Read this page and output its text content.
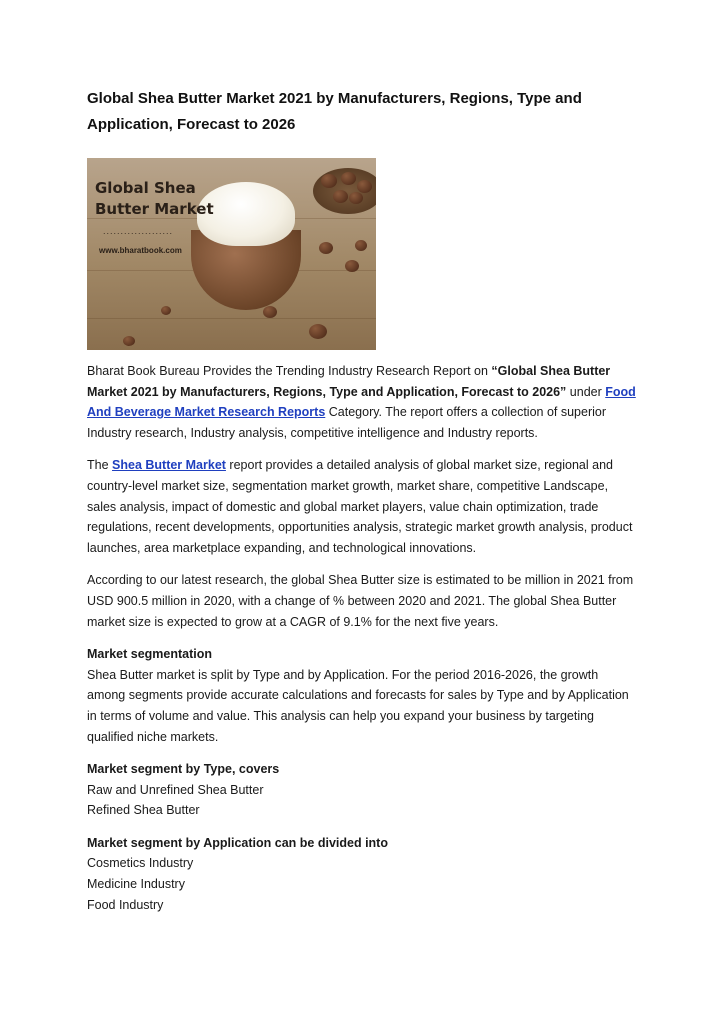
Global Shea Butter Market 2021 by Manufacturers, Regions, Type and
Application, Forecast to 2026
Global Shea
Butter Market
....................
www.bharatbook.com

Bharat Book Bureau Provides the Trending Industry Research Report on “Global Shea Butter Market 2021 by Manufacturers, Regions, Type and Application, Forecast to 2026” under Food And Beverage Market Research Reports Category. The report offers a collection of superior Industry research, Industry analysis, competitive intelligence and Industry reports.

The Shea Butter Market report provides a detailed analysis of global market size, regional and country-level market size, segmentation market growth, market share, competitive Landscape, sales analysis, impact of domestic and global market players, value chain optimization, trade regulations, recent developments, opportunities analysis, strategic market growth analysis, product launches, area marketplace expanding, and technological innovations.

According to our latest research, the global Shea Butter size is estimated to be million in 2021 from USD 900.5 million in 2020, with a change of % between 2020 and 2021. The global Shea Butter market size is expected to grow at a CAGR of 9.1% for the next five years.

Market segmentation
Shea Butter market is split by Type and by Application. For the period 2016-2026, the growth among segments provide accurate calculations and forecasts for sales by Type and by Application in terms of volume and value. This analysis can help you expand your business by targeting qualified niche markets.

Market segment by Type, covers
Raw and Unrefined Shea Butter
Refined Shea Butter

Market segment by Application can be divided into
Cosmetics Industry
Medicine Industry
Food Industry
